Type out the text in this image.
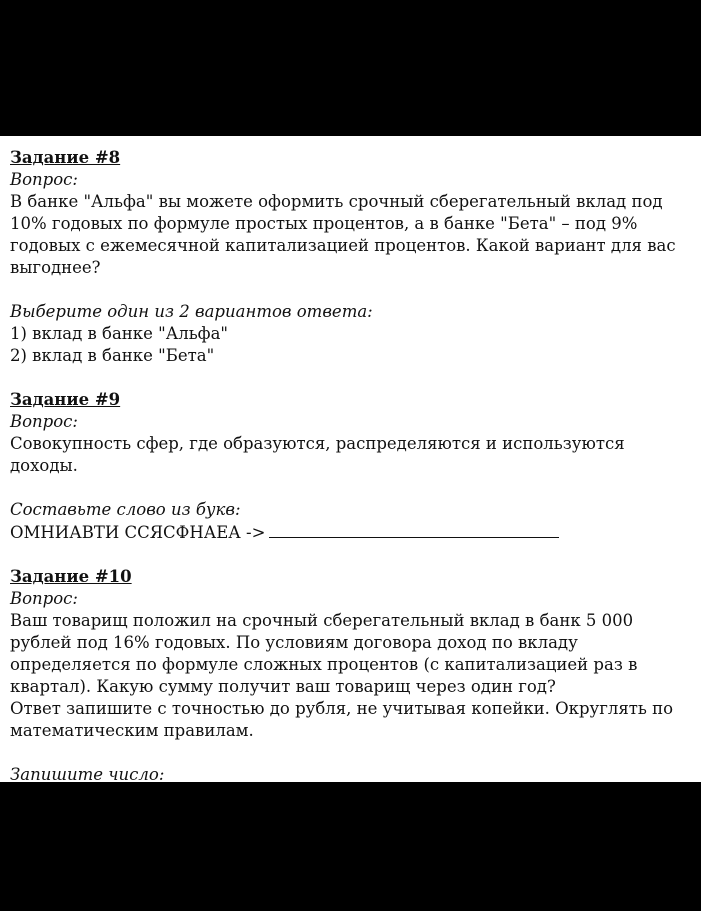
Задание #8
Вопрос:
В банке "Альфа" вы можете оформить срочный сберегательный вклад под 10% годовых по формуле простых процентов, а в банке "Бета" – под 9% годовых с ежемесячной капитализацией процентов. Какой вариант для вас выгоднее?
Выберите один из 2 вариантов ответа:
1) вклад в банке "Альфа"
2) вклад в банке "Бета"
Задание #9
Вопрос:
Совокупность сфер, где образуются, распределяются и используются доходы.
Составьте слово из букв:
ОМНИАВТИ ССЯСФНАЕА ->
Задание #10
Вопрос:
Ваш товарищ положил на срочный сберегательный вклад в банк 5 000 рублей под 16% годовых. По условиям договора доход по вкладу определяется по формуле сложных процентов (с капитализацией раз в квартал). Какую сумму получит ваш товарищ через один год?
Ответ запишите с точностью до рубля, не учитывая копейки. Округлять по математическим правилам.
Запишите число:
